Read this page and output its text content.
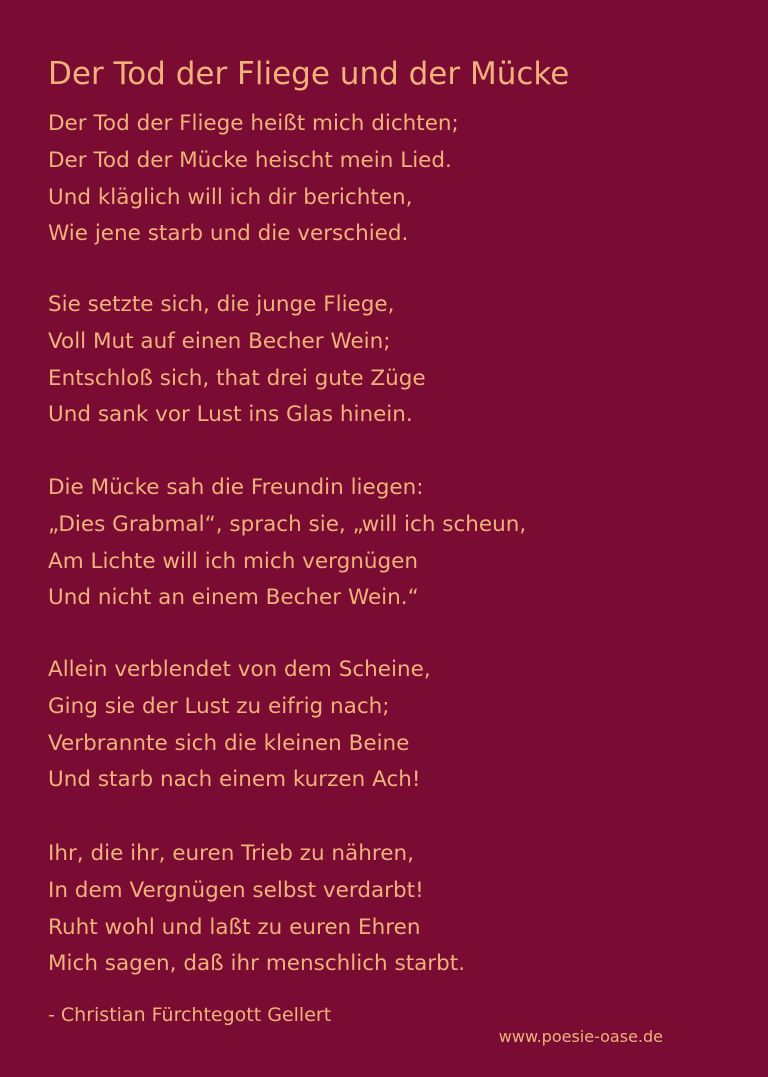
Der Tod der Fliege und der Mücke
Der Tod der Fliege heißt mich dichten;
Der Tod der Mücke heischt mein Lied.
Und kläglich will ich dir berichten,
Wie jene starb und die verschied.
Sie setzte sich, die junge Fliege,
Voll Mut auf einen Becher Wein;
Entschloß sich, that drei gute Züge
Und sank vor Lust ins Glas hinein.
Die Mücke sah die Freundin liegen:
„Dies Grabmal“, sprach sie, „will ich scheun,
Am Lichte will ich mich vergnügen
Und nicht an einem Becher Wein.“
Allein verblendet von dem Scheine,
Ging sie der Lust zu eifrig nach;
Verbrannte sich die kleinen Beine
Und starb nach einem kurzen Ach!
Ihr, die ihr, euren Trieb zu nähren,
In dem Vergnügen selbst verdarbt!
Ruht wohl und laßt zu euren Ehren
Mich sagen, daß ihr menschlich starbt.
- Christian Fürchtegott Gellert
www.poesie-oase.de
